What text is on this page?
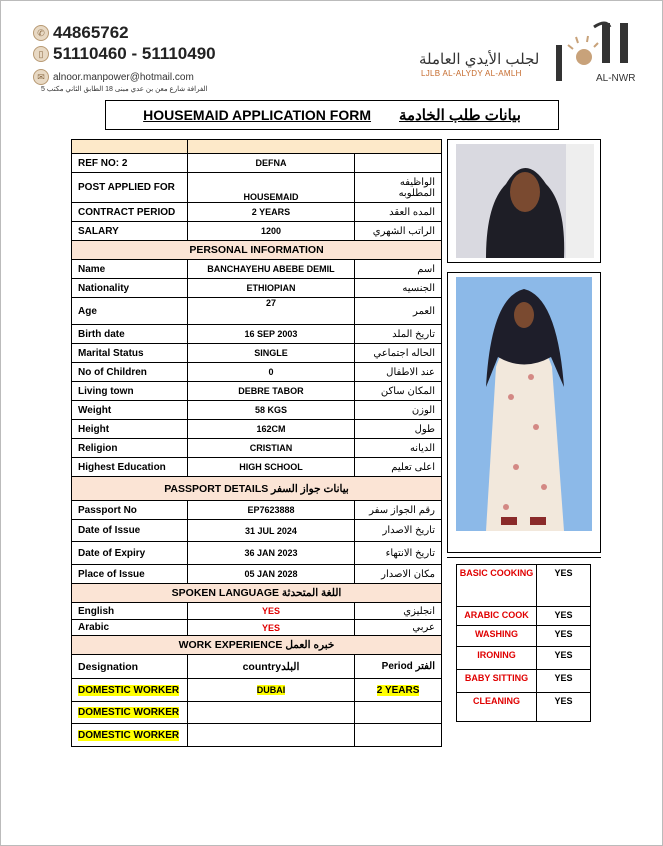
✆ 44865762
▯ 51110460 - 51110490
✉ alnoor.manpower@hotmail.com
الفرافة شارع معن بن عدي مبنى 18 الطابق الثاني مكتب 5
لجلب الأيدي العاملة
LJLB AL-ALYDY AL-AMLH	AL-NWR
HOUSEMAID APPLICATION FORM بيانات طلب الخادمة

REF NO: 2	DEFNA	
POST APPLIED FOR	HOUSEMAID	الواظيفه المطلوبه
CONTRACT PERIOD	2 YEARS	المده العقد
SALARY	1200	الراتب الشهري
PERSONAL INFORMATION		
Name	BANCHAYEHU ABEBE DEMIL	اسم
Nationality	ETHIOPIAN	الجنسيه
Age	27	العمر
Birth date	16 SEP 2003	تاريخ الملد
Marital Status	SINGLE	الحاله اجتماعي
No of Children	0	عند الاطفال
Living town	DEBRE TABOR	المكان ساكن
Weight	58 KGS	الوزن
Height	162CM	طول
Religion	CRISTIAN	الديانه
Highest Education	HIGH SCHOOL	اعلى تعليم
PASSPORT DETAILS بيانات جواز السفر		
Passport No	EP7623888	رقم الجواز سفر
Date of Issue	31 JUL 2024	تاريخ الاصدار
Date of Expiry	36 JAN 2023	تاريخ الانتهاء
Place of Issue	05 JAN 2028	مكان الاصدار
SPOKEN LANGUAGE اللغة المتحدثة		
English	YES	انجليزي
Arabic	YES	عربي
WORK EXPERIENCE خبره العمل		
Designation	countryالبلد	Period الفتر
DOMESTIC WORKER	DUBAI	2 YEARS
DOMESTIC WORKER		
DOMESTIC WORKER		
BASIC COOKING	YES
ARABIC COOK	YES
WASHING	YES
IRONING	YES
BABY SITTING	YES
CLEANING	YES
